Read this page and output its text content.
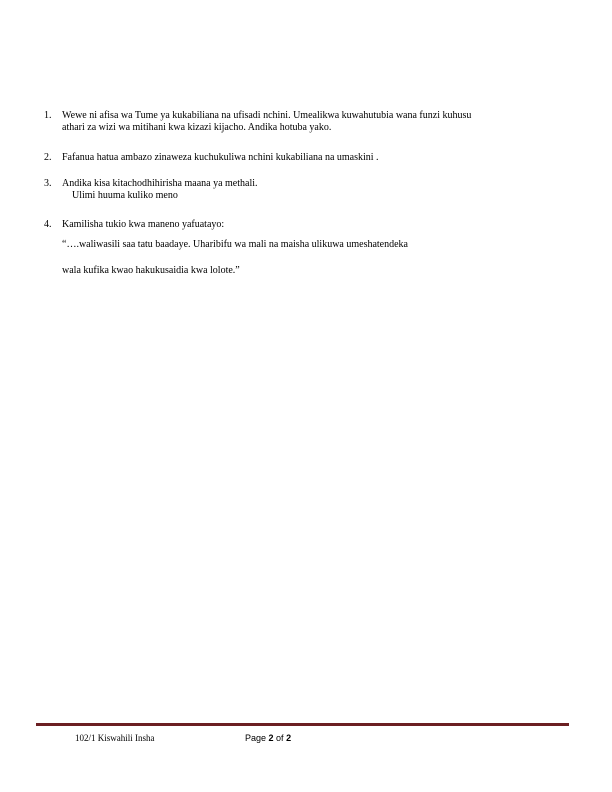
1. Wewe ni afisa wa Tume ya kukabiliana na ufisadi nchini. Umealikwa kuwahutubia wana funzi kuhusu
athari za wizi wa mitihani kwa kizazi kijacho. Andika hotuba yako.
2. Fafanua hatua ambazo zinaweza kuchukuliwa nchini kukabiliana na umaskini .
3. Andika kisa kitachodhihirisha maana ya methali.
Ulimi huuma kuliko meno
4. Kamilisha tukio kwa maneno yafuatayo:
“….waliwasili saa tatu baadaye. Uharibifu wa mali na maisha ulikuwa umeshatendeka
wala kufika kwao hakukusaidia kwa lolote.”
102/1 Kiswahili Insha	Page 2 of 2
